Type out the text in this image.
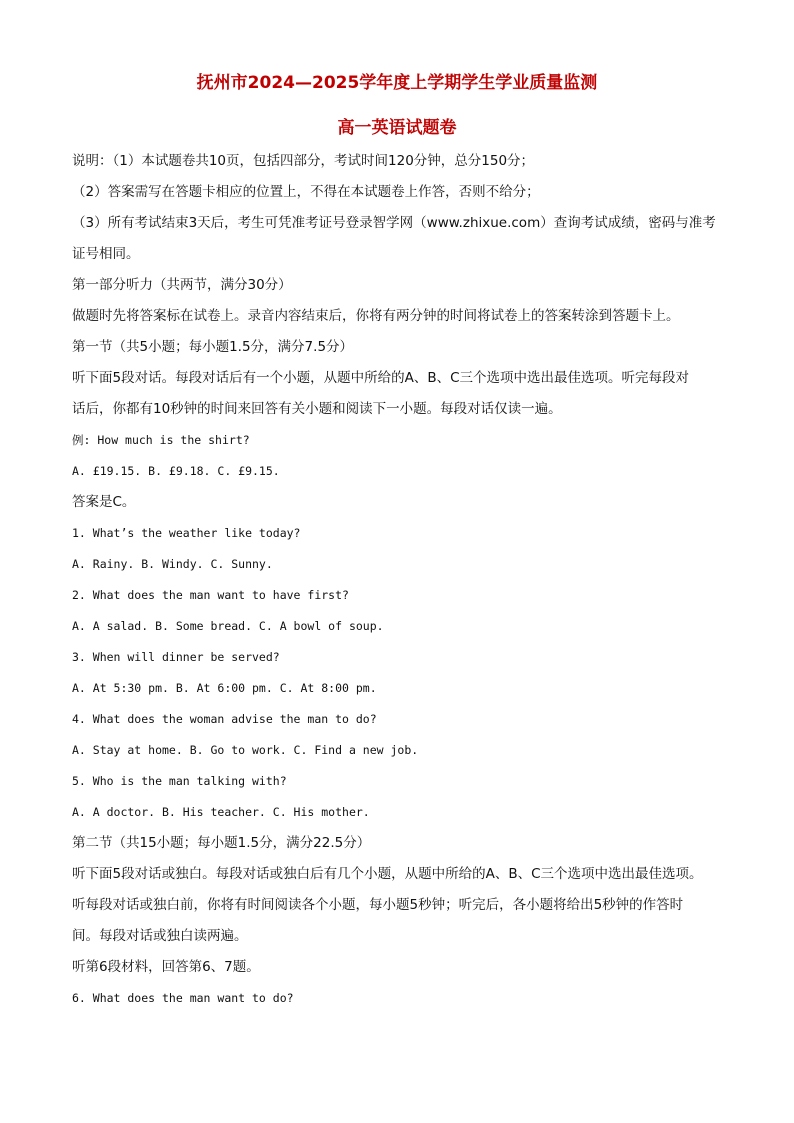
抚州市2024—2025学年度上学期学生学业质量监测
高一英语试题卷
说明：（1）本试题卷共10页，包括四部分，考试时间120分钟，总分150分；
（2）答案需写在答题卡相应的位置上，不得在本试题卷上作答，否则不给分；
（3）所有考试结束3天后，考生可凭准考证号登录智学网（www.zhixue.com）查询考试成绩，密码与准考
证号相同。
第一部分听力（共两节，满分30分）
做题时先将答案标在试卷上。录音内容结束后，你将有两分钟的时间将试卷上的答案转涂到答题卡上。
第一节（共5小题；每小题1.5分，满分7.5分）
听下面5段对话。每段对话后有一个小题，从题中所给的A、B、C三个选项中选出最佳选项。听完每段对
话后，你都有10秒钟的时间来回答有关小题和阅读下一小题。每段对话仅读一遍。
例: How much is the shirt?
A. £19.15. B. £9.18. C. £9.15.
答案是C。
1. What’s the weather like today?
A. Rainy. B. Windy. C. Sunny.
2. What does the man want to have first?
A. A salad. B. Some bread. C. A bowl of soup.
3. When will dinner be served?
A. At 5:30 pm. B. At 6:00 pm. C. At 8:00 pm.
4. What does the woman advise the man to do?
A. Stay at home. B. Go to work. C. Find a new job.
5. Who is the man talking with?
A. A doctor. B. His teacher. C. His mother.
第二节（共15小题；每小题1.5分，满分22.5分）
听下面5段对话或独白。每段对话或独白后有几个小题，从题中所给的A、B、C三个选项中选出最佳选项。
听每段对话或独白前，你将有时间阅读各个小题，每小题5秒钟；听完后，各小题将给出5秒钟的作答时
间。每段对话或独白读两遍。
听第6段材料，回答第6、7题。
6. What does the man want to do?
